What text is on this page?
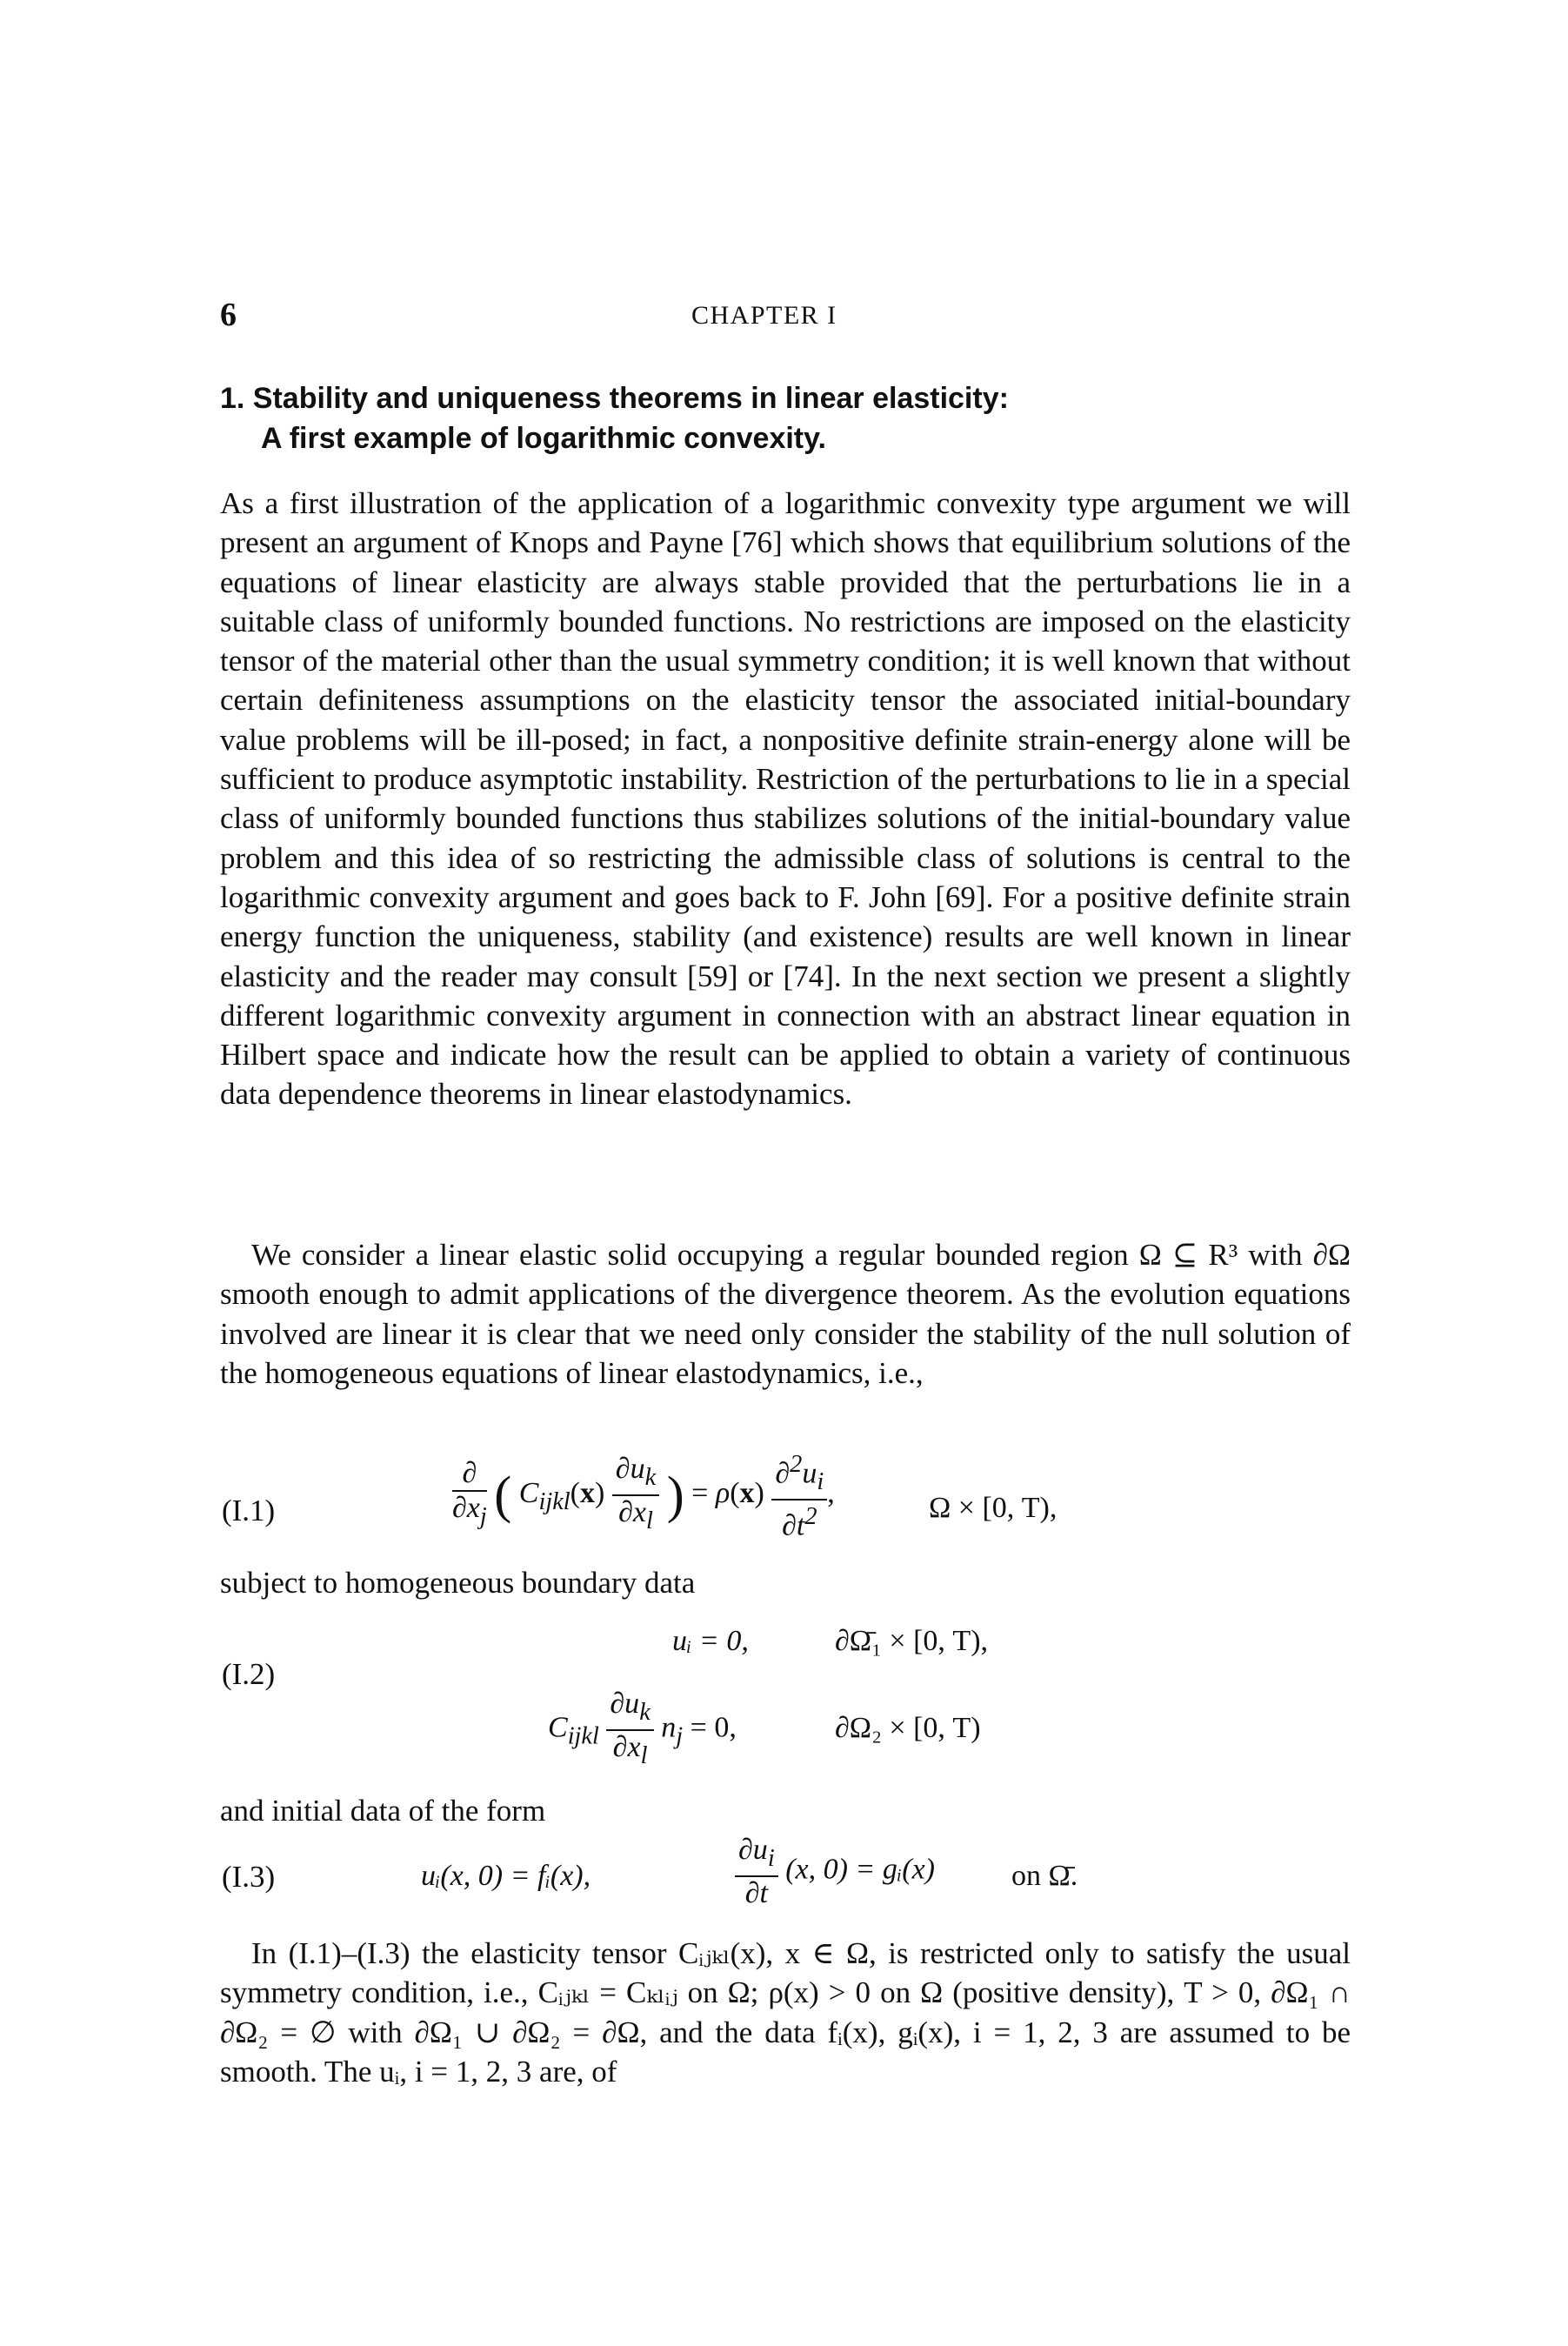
6	CHAPTER I
1. Stability and uniqueness theorems in linear elasticity:
A first example of logarithmic convexity.

As a first illustration of the application of a logarithmic convexity type argument we will present an argument of Knops and Payne [76] which shows that equilibrium solutions of the equations of linear elasticity are always stable provided that the perturbations lie in a suitable class of uniformly bounded functions. No restrictions are imposed on the elasticity tensor of the material other than the usual symmetry condition; it is well known that without certain definiteness assumptions on the elasticity tensor the associated initial-boundary value problems will be ill-posed; in fact, a nonpositive definite strain-energy alone will be sufficient to produce asymptotic instability. Restriction of the perturbations to lie in a special class of uniformly bounded functions thus stabilizes solutions of the initial-boundary value problem and this idea of so restricting the admissible class of solutions is central to the logarithmic convexity argument and goes back to F. John [69]. For a positive definite strain energy function the uniqueness, stability (and existence) results are well known in linear elasticity and the reader may consult [59] or [74]. In the next section we present a slightly different logarithmic convexity argument in connection with an abstract linear equation in Hilbert space and indicate how the result can be applied to obtain a variety of continuous data dependence theorems in linear elastodynamics.

We consider a linear elastic solid occupying a regular bounded region Ω ⊆ R³ with ∂Ω smooth enough to admit applications of the divergence theorem. As the evolution equations involved are linear it is clear that we need only consider the stability of the null solution of the homogeneous equations of linear elastodynamics, i.e.,

(I.1)	$\frac{\partial}{\partial x_j}$ ( $C_{ijkl}(x) \frac{\partial u_k}{\partial x_l}$ ) = $\rho(x) \frac{\partial^2u_i}{\partial t^2}$ ,	Ω × [0, T),
subject to homogeneous boundary data
(I.2)
uᵢ = 0,	∂Ω̄₁ × [0, T),
$C_{ijkl} \frac{\partial u_k}{\partial x_l} n_j = 0$,	∂Ω₂ × [0, T)
and initial data of the form
(I.3)	uᵢ(x, 0) = fᵢ(x),	$\frac{\partial u_i}{\partial t} (x$, 0) = gᵢ(x)	on Ω̄.

In (I.1)–(I.3) the elasticity tensor Cᵢⱼₖₗ(x), x ∈ Ω, is restricted only to satisfy the usual symmetry condition, i.e., Cᵢⱼₖₗ = Cₖₗᵢⱼ on Ω; ρ(x) > 0 on Ω (positive density), T > 0, ∂Ω₁ ∩ ∂Ω₂ = ∅ with ∂Ω₁ ∪ ∂Ω₂ = ∂Ω, and the data fᵢ(x), gᵢ(x), i = 1, 2, 3 are assumed to be smooth. The uᵢ, i = 1, 2, 3 are, of
